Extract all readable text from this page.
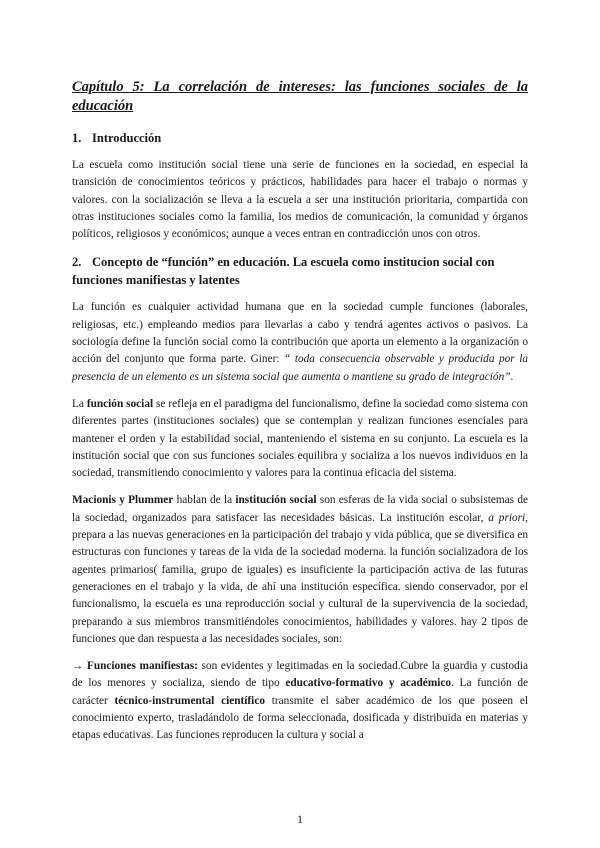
Capítulo 5: La correlación de intereses: las funciones sociales de la educación
1. Introducción

La escuela como institución social tiene una serie de funciones en la sociedad, en especial la transición de conocimientos teóricos y prácticos, habilidades para hacer el trabajo o normas y valores. con la socialización se lleva a la escuela a ser una institución prioritaria, compartida con otras instituciones sociales como la familia, los medios de comunicación, la comunidad y órganos políticos, religiosos y económicos; aunque a veces entran en contradicción unos con otros.

2. Concepto de “función” en educación. La escuela como institucion social con funciones manifiestas y latentes

La función es cualquier actividad humana que en la sociedad cumple funciones (laborales, religiosas, etc.) empleando medios para llevarlas a cabo y tendrá agentes activos o pasivos. La sociología define la función social como la contribución que aporta un elemento a la organización o acción del conjunto que forma parte. Giner: “ toda consecuencia observable y producida por la presencia de un elemento es un sistema social que aumenta o mantiene su grado de integración”.

La función social se refleja en el paradigma del funcionalismo, define la sociedad como sistema con diferentes partes (instituciones sociales) que se contemplan y realizan funciones esenciales para mantener el orden y la estabilidad social, manteniendo el sistema en su conjunto. La escuela es la institución social que con sus funciones sociales equilibra y socializa a los nuevos individuos en la sociedad, transmitiendo conocimiento y valores para la continua eficacia del sistema.

Macionis y Plummer hablan de la institución social son esferas de la vida social o subsistemas de la sociedad, organizados para satisfacer las necesidades básicas. La institución escolar, a priori, prepara a las nuevas generaciones en la participación del trabajo y vida pública, que se diversifica en estructuras con funciones y tareas de la vida de la sociedad moderna. la función socializadora de los agentes primarios( familia, grupo de iguales) es insuficiente la participación activa de las futuras generaciones en el trabajo y la vida, de ahí una institución específica. siendo conservador, por el funcionalismo, la escuela es una reproducción social y cultural de la supervivencia de la sociedad, preparando a sus miembros transmitiéndoles conocimientos, habilidades y valores. hay 2 tipos de funciones que dan respuesta a las necesidades sociales, son:

→ Funciones manifiestas: son evidentes y legitimadas en la sociedad.Cubre la guardia y custodia de los menores y socializa, siendo de tipo educativo-formativo y académico. La función de carácter técnico-instrumental científico transmite el saber académico de los que poseen el conocimiento experto, trasladándolo de forma seleccionada, dosificada y distribuida en materias y etapas educativas. Las funciones reproducen la cultura y social a

1
